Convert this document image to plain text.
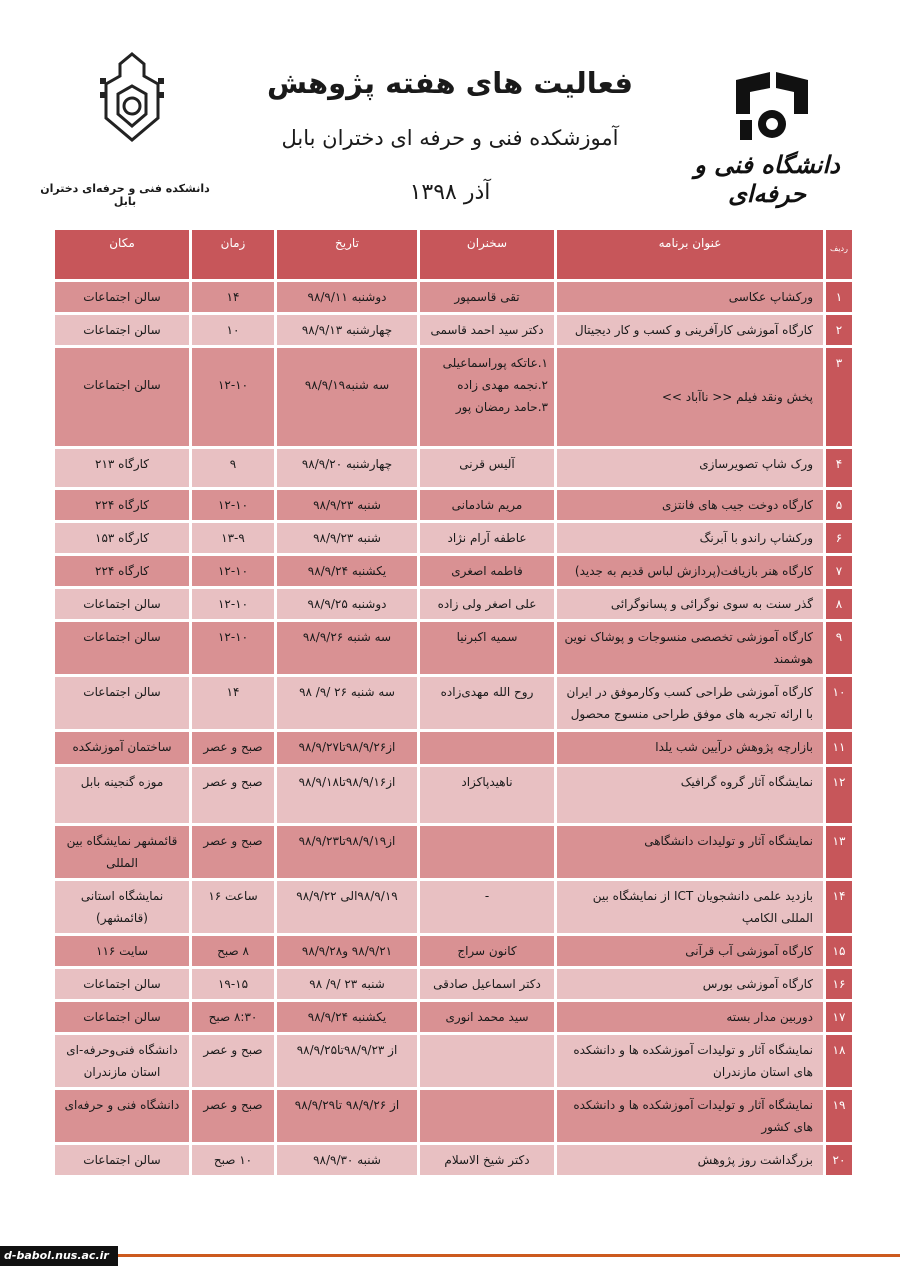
فعالیت های هفته پژوهش
آموزشکده فنی و حرفه ای دختران بابل
آذر ۱۳۹۸
دانشکده فنی و حرفه‌ای دختران بابل
دانشگاه فنی و حرفه‌ای
ردیف	عنوان برنامه	سخنران	تاریخ	زمان	مکان
۱	ورکشاپ عکاسی	تقی قاسمپور	دوشنبه ۹۸/۹/۱۱	۱۴	سالن اجتماعات
۲	کارگاه آموزشی کارآفرینی و کسب و کار دیجیتال	دکتر سید احمد قاسمی	چهارشنبه ۹۸/۹/۱۳	۱۰	سالن اجتماعات
۳	پخش ونقد فیلم << ناآباد >>	۱.عاتکه پوراسماعیلی ۲.نجمه مهدی زاده ۳.حامد رمضان پور	سه شنبه۹۸/۹/۱۹	۱۲-۱۰	سالن اجتماعات
۴	ورک شاپ تصویرسازی	آلیس قرنی	چهارشنبه ۹۸/۹/۲۰	۹	کارگاه ۲۱۳
۵	کارگاه دوخت جیب های فانتزی	مریم شادمانی	شنبه ۹۸/۹/۲۳	۱۲-۱۰	کارگاه ۲۲۴
۶	ورکشاپ راندو با آبرنگ	عاطفه آرام نژاد	شنبه ۹۸/۹/۲۳	۱۳-۹	کارگاه ۱۵۳
۷	کارگاه هنر بازیافت(پردازش لباس قدیم به جدید)	فاطمه اصغری	یکشنبه ۹۸/۹/۲۴	۱۲-۱۰	کارگاه ۲۲۴
۸	گذر سنت به سوی نوگرائی و پسانوگرائی	علی اصغر ولی زاده	دوشنبه ۹۸/۹/۲۵	۱۲-۱۰	سالن اجتماعات
۹	کارگاه آموزشی تخصصی منسوجات و پوشاک نوین هوشمند	سمیه اکبرنیا	سه شنبه ۹۸/۹/۲۶	۱۲-۱۰	سالن اجتماعات
۱۰	کارگاه آموزشی طراحی کسب وکارموفق در ایران با ارائه تجربه های موفق طراحی منسوج محصول	روح الله مهدی‌زاده	سه شنبه ۲۶ /۹/ ۹۸	۱۴	سالن اجتماعات
۱۱	بازارچه پژوهش درآیین شب یلدا		از۹۸/۹/۲۶تا۹۸/۹/۲۷	صبح و عصر	ساختمان آموزشکده
۱۲	نمایشگاه آثار گروه گرافیک	ناهیدپاکزاد	از۹۸/۹/۱۶تا۹۸/۹/۱۸	صبح و عصر	موزه گنجینه بابل
۱۳	نمایشگاه آثار و تولیدات دانشگاهی		از۹۸/۹/۱۹تا۹۸/۹/۲۳	صبح و عصر	قائمشهر نمایشگاه بین المللی
۱۴	بازدید علمی دانشجویان ICT از نمایشگاه بین المللی الکامپ	-	۹۸/۹/۱۹الی ۹۸/۹/۲۲	ساعت ۱۶	نمایشگاه استانی (قائمشهر)
۱۵	کارگاه آموزشی آب قرآنی	کانون سراج	۹۸/۹/۲۱ و۹۸/۹/۲۸	۸ صبح	سایت ۱۱۶
۱۶	کارگاه آموزشی بورس	دکتر اسماعیل صادقی	شنبه ۲۳ /۹/ ۹۸	۱۹-۱۵	سالن اجتماعات
۱۷	دوربین مدار بسته	سید محمد انوری	یکشنبه ۹۸/۹/۲۴	۸:۳۰ صبح	سالن اجتماعات
۱۸	نمایشگاه آثار و تولیدات آموزشکده ها و دانشکده های استان مازندران		از ۹۸/۹/۲۳تا۹۸/۹/۲۵	صبح و عصر	دانشگاه فنی‌وحرفه-ای استان مازندران
۱۹	نمایشگاه آثار و تولیدات آموزشکده ها و دانشکده های کشور		از ۹۸/۹/۲۶ تا۹۸/۹/۲۹	صبح و عصر	دانشگاه فنی و حرفه‌ای
۲۰	بزرگداشت روز پژوهش	دکتر شیخ الاسلام	شنبه ۹۸/۹/۳۰	۱۰ صبح	سالن اجتماعات
d-babol.nus.ac.ir
